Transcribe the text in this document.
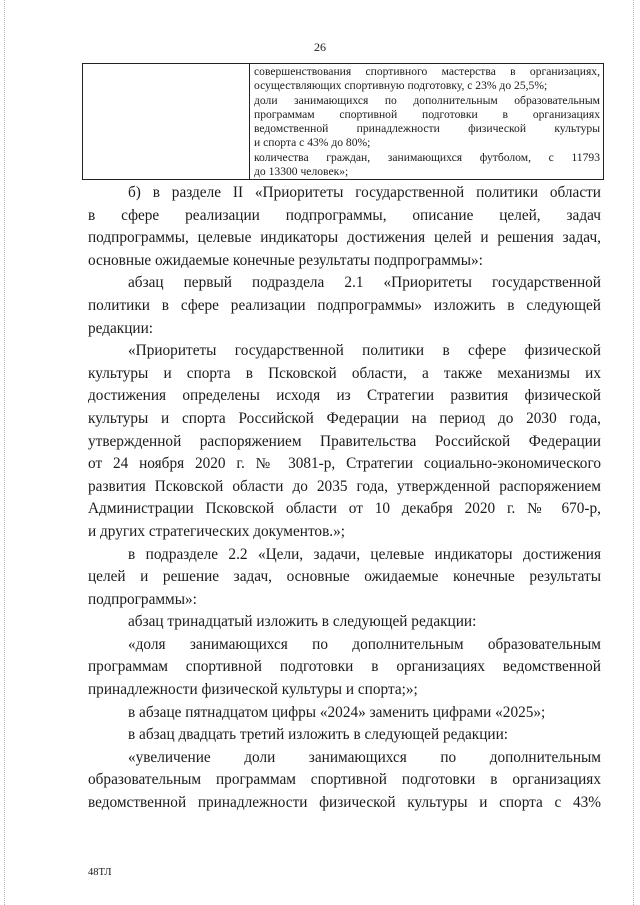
26

совершенствования спортивного мастерства в организациях,
осуществляющих спортивную подготовку, с 23% до 25,5%;
доли занимающихся по дополнительным образовательным
программам спортивной подготовки в организациях
ведомственной принадлежности физической культуры
и спорта с 43% до 80%;
количества граждан, занимающихся футболом, с 11793
до 13300 человек»;
б) в разделе II «Приоритеты государственной политики области
в сфере реализации подпрограммы, описание целей, задач
подпрограммы, целевые индикаторы достижения целей и решения задач,
основные ожидаемые конечные результаты подпрограммы»:
абзац первый подраздела 2.1 «Приоритеты государственной
политики в сфере реализации подпрограммы» изложить в следующей
редакции:
«Приоритеты государственной политики в сфере физической
культуры и спорта в Псковской области, а также механизмы их
достижения определены исходя из Стратегии развития физической
культуры и спорта Российской Федерации на период до 2030 года,
утвержденной распоряжением Правительства Российской Федерации
от 24 ноября 2020 г. № 3081-р, Стратегии социально-экономического
развития Псковской области до 2035 года, утвержденной распоряжением
Администрации Псковской области от 10 декабря 2020 г. № 670-р,
и других стратегических документов.»;
в подразделе 2.2 «Цели, задачи, целевые индикаторы достижения
целей и решение задач, основные ожидаемые конечные результаты
подпрограммы»:
абзац тринадцатый изложить в следующей редакции:
«доля занимающихся по дополнительным образовательным
программам спортивной подготовки в организациях ведомственной
принадлежности физической культуры и спорта;»;
в абзаце пятнадцатом цифры «2024» заменить цифрами «2025»;
в абзац двадцать третий изложить в следующей редакции:
«увеличение доли занимающихся по дополнительным
образовательным программам спортивной подготовки в организациях
ведомственной принадлежности физической культуры и спорта с 43%
48ТЛ
